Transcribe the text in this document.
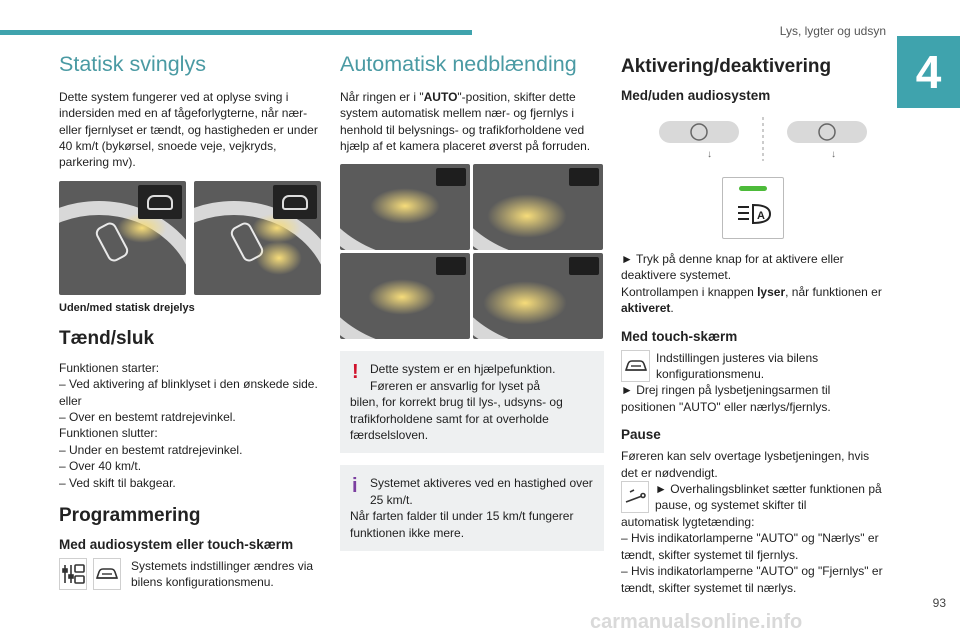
Lys, lygter og udsyn
4
Statisk svinglys

Dette system fungerer ved at oplyse sving i indersiden med en af tågeforlygterne, når nær- eller fjernlyset er tændt, og hastigheden er under 40 km/t (bykørsel, snoede veje, vejkryds, parkering mv).

Uden/med statisk drejelys
Tænd/sluk

Funktionen starter:

– Ved aktivering af blinklyset i den ønskede side.

eller

– Over en bestemt ratdrejevinkel.

Funktionen slutter:

– Under en bestemt ratdrejevinkel.

– Over 40 km/t.

– Ved skift til bakgear.

Programmering
Med audiosystem eller touch-skærm

Systemets indstillinger ændres via bilens konfigurationsmenu.

Automatisk nedblænding

Når ringen er i "AUTO"-position, skifter dette system automatisk mellem nær- og fjernlys i henhold til belysnings- og trafikforholdene ved hjælp af et kamera placeret øverst på forruden.

! Dette system er en hjælpefunktion. Føreren er ansvarlig for lyset på

bilen, for korrekt brug til lys-, udsyns- og trafikforholdene samt for at overholde færdselsloven.

i	Systemet aktiveres ved en hastighed over 25 km/t.

Når farten falder til under 15 km/t fungerer funktionen ikke mere.

Aktivering/deaktivering
Med/uden audiosystem
↓	↓
A

► Tryk på denne knap for at aktivere eller deaktivere systemet.

Kontrollampen i knappen lyser, når funktionen er aktiveret.

Med touch-skærm

Indstillingen justeres via bilens konfigurationsmenu.

► Drej ringen på lysbetjeningsarmen til positionen "AUTO" eller nærlys/fjernlys.

Pause

Føreren kan selv overtage lysbetjeningen, hvis det er nødvendigt.

► Overhalingsblinket sætter funktionen på pause, og systemet skifter til

automatisk lygtetænding:

– Hvis indikatorlamperne "AUTO" og "Nærlys" er tændt, skifter systemet til fjernlys.

– Hvis indikatorlamperne "AUTO" og "Fjernlys" er tændt, skifter systemet til nærlys.

93
carmanualsonline.info
